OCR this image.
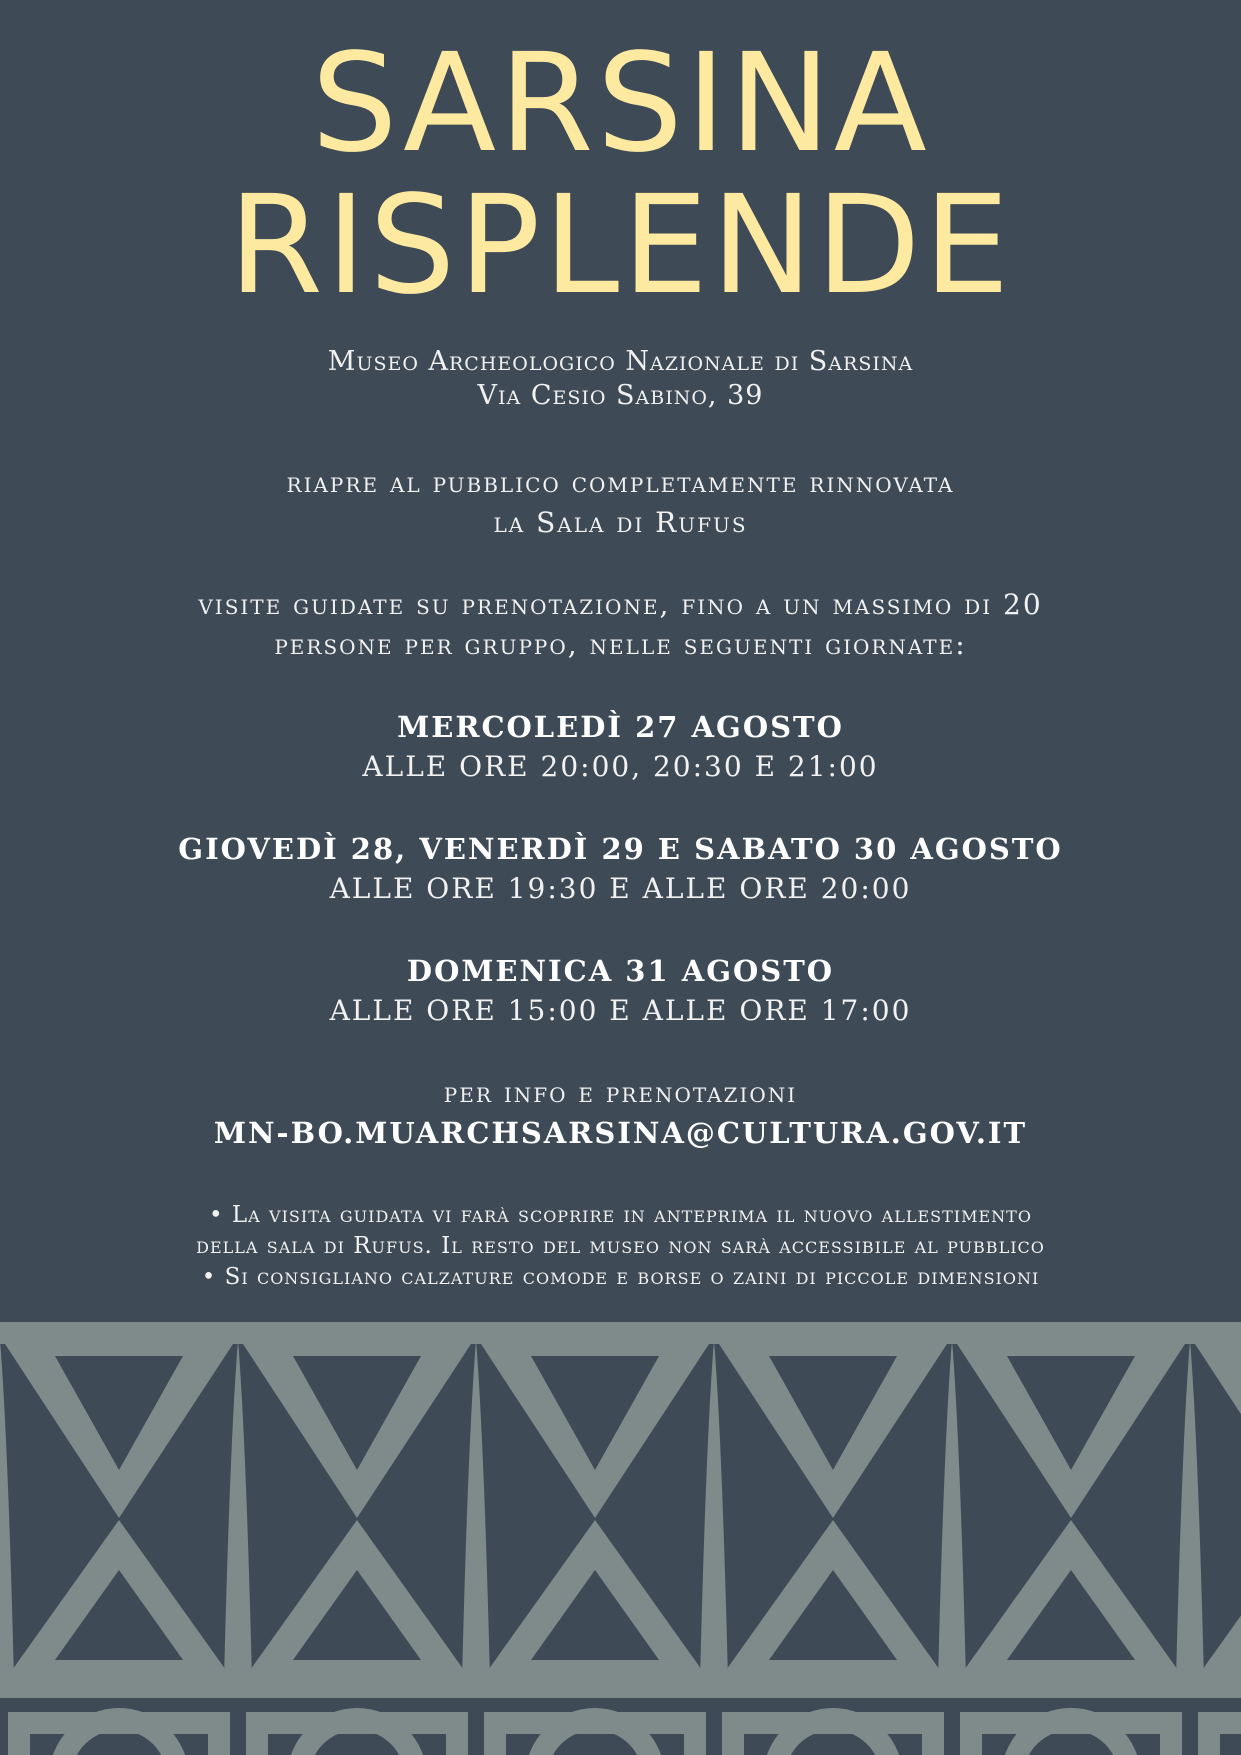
SARSINA
RISPLENDE
Museo Archeologico Nazionale di Sarsina
Via Cesio Sabino, 39
riapre al pubblico completamente rinnovata
la Sala di Rufus
visite guidate su prenotazione, fino a un massimo di 20
persone per gruppo, nelle seguenti giornate:
MERCOLEDÌ 27 AGOSTO
ALLE ORE 20:00, 20:30 E 21:00
GIOVEDÌ 28, VENERDÌ 29 E SABATO 30 AGOSTO
ALLE ORE 19:30 E ALLE ORE 20:00
DOMENICA 31 AGOSTO
ALLE ORE 15:00 E ALLE ORE 17:00
per info e prenotazioni
MN-BO.MUARCHSARSINA@CULTURA.GOV.IT
• La visita guidata vi farà scoprire in anteprima il nuovo allestimento
della sala di Rufus. Il resto del museo non sarà accessibile al pubblico
• Si consigliano calzature comode e borse o zaini di piccole dimensioni
